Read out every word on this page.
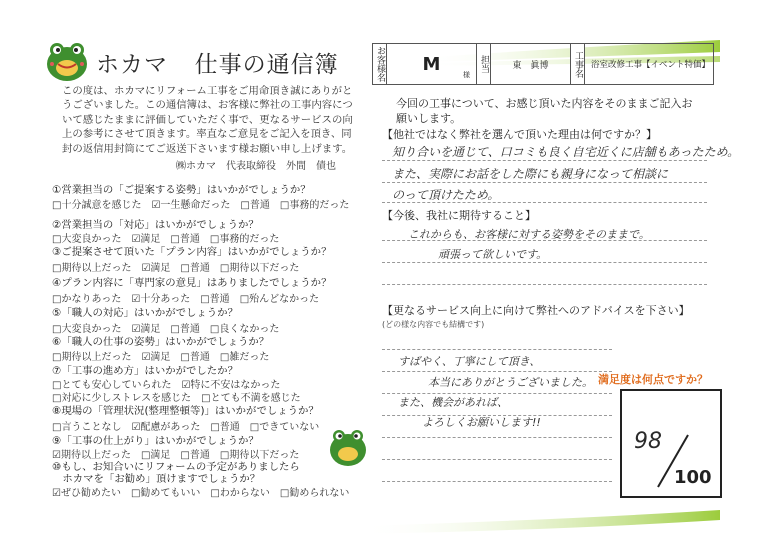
ホカマ 仕事の通信簿
この度は、ホカマにリフォーム工事をご用命頂き誠にありがとうございました。この通信簿は、お客様に弊社の工事内容について感じたままに評価していただく事で、更なるサービスの向上の参考にさせて頂きます。率直なご意見をご記入を頂き、同封の返信用封筒にてご返送下さいます様お願い申し上げます。
㈱ホカマ　代表取締役　外間　債也
①営業担当の「ご提案する姿勢」はいかがでしょうか？
□十分誠意を感じた ☑一生懸命だった □普通 □事務的だった
②営業担当の「対応」はいかがでしょうか？
□大変良かった ☑満足 □普通 □事務的だった
③ご提案させて頂いた「プラン内容」はいかがでしょうか？
□期待以上だった ☑満足 □普通 □期待以下だった
④プラン内容に「専門家の意見」はありましたでしょうか？
□かなりあった ☑十分あった □普通 □殆んどなかった
⑤「職人の対応」はいかがでしょうか？
□大変良かった ☑満足 □普通 □良くなかった
⑥「職人の仕事の姿勢」はいかがでしょうか？
□期待以上だった ☑満足 □普通 □雑だった
⑦「工事の進め方」はいかがでしたか？
□とても安心していられた ☑特に不安はなかった
□対応に少しストレスを感じた □とても不満を感じた
⑧現場の「管理状況(整理整頓等)」はいかがでしょうか？
□言うことなし ☑配慮があった □普通 □できていない
⑨「工事の仕上がり」はいかがでしょうか？
☑期待以上だった □満足 □普通 □期待以下だった
⑩もし、お知合いにリフォームの予定がありましたら
　ホカマを「お勧め」頂けますでしょうか？
☑ぜひ勧めたい □勧めてもいい □わからない □勧められない
お客様名	M
様
	担当	東　眞博	工事名	浴室改修工事【イベント特価】
今回の工事について、お感じ頂いた内容をそのままご記入お願いします。
【他社ではなく弊社を選んで頂いた理由は何ですか？】
知り合いを通じて、口コミも良く自宅近くに店舗もあったため。
また、実際にお話をした際にも親身になって相談に
のって頂けたため。
【今後、我社に期待すること】
これからも、お客様に対する姿勢をそのままで。
頑張って欲しいです。
【更なるサービス向上に向けて弊社へのアドバイスを下さい】
(どの様な内容でも結構です)
すばやく、丁寧にして頂き、
本当にありがとうございました。
また、機会があれば、
よろしくお願いします!!
満足度は何点ですか？
98
100
